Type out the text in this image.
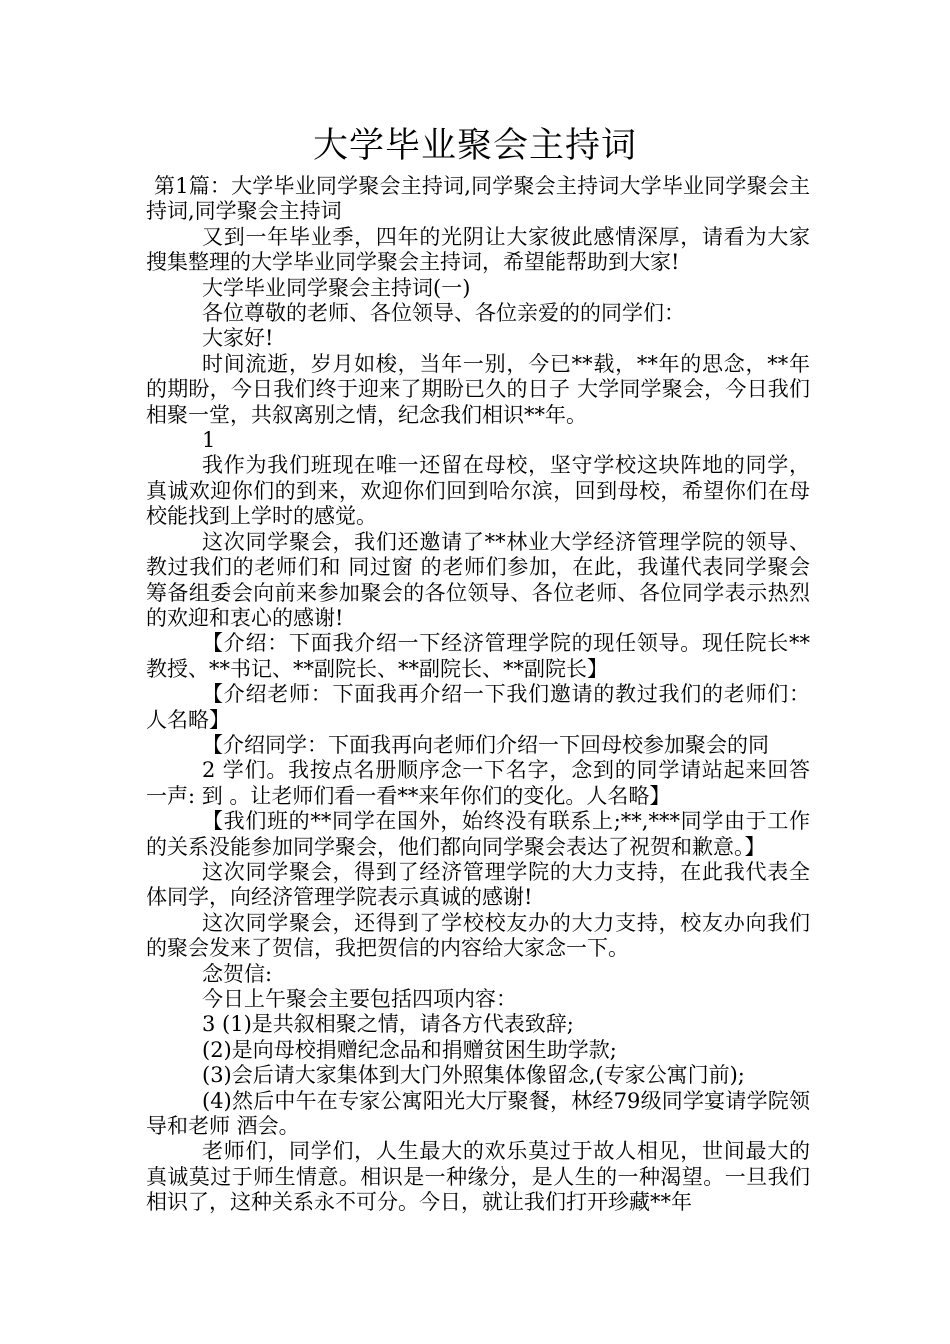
大学毕业聚会主持词

第1篇：大学毕业同学聚会主持词,同学聚会主持词大学毕业同学聚会主持词,同学聚会主持词

又到一年毕业季，四年的光阴让大家彼此感情深厚，请看为大家搜集整理的大学毕业同学聚会主持词，希望能帮助到大家!

大学毕业同学聚会主持词(一)

各位尊敬的老师、各位领导、各位亲爱的的同学们：

大家好!

时间流逝，岁月如梭，当年一别，今已**载，**年的思念，**年的期盼，今日我们终于迎来了期盼已久的日子 大学同学聚会，今日我们相聚一堂，共叙离别之情，纪念我们相识**年。

1

我作为我们班现在唯一还留在母校，坚守学校这块阵地的同学，真诚欢迎你们的到来，欢迎你们回到哈尔滨，回到母校，希望你们在母校能找到上学时的感觉。

这次同学聚会，我们还邀请了**林业大学经济管理学院的领导、教过我们的老师们和 同过窗 的老师们参加，在此，我谨代表同学聚会筹备组委会向前来参加聚会的各位领导、各位老师、各位同学表示热烈的欢迎和衷心的感谢!

【介绍：下面我介绍一下经济管理学院的现任领导。现任院长**教授、**书记、**副院长、**副院长、**副院长】

【介绍老师：下面我再介绍一下我们邀请的教过我们的老师们：人名略】

【介绍同学：下面我再向老师们介绍一下回母校参加聚会的同

2 学们。我按点名册顺序念一下名字，念到的同学请站起来回答一声: 到 。让老师们看一看**来年你们的变化。人名略】

【我们班的**同学在国外，始终没有联系上;**,***同学由于工作的关系没能参加同学聚会，他们都向同学聚会表达了祝贺和歉意。】

这次同学聚会，得到了经济管理学院的大力支持，在此我代表全体同学，向经济管理学院表示真诚的感谢!

这次同学聚会，还得到了学校校友办的大力支持，校友办向我们的聚会发来了贺信，我把贺信的内容给大家念一下。

念贺信:

今日上午聚会主要包括四项内容：

3 (1)是共叙相聚之情，请各方代表致辞;

(2)是向母校捐赠纪念品和捐赠贫困生助学款;

(3)会后请大家集体到大门外照集体像留念,(专家公寓门前);

(4)然后中午在专家公寓阳光大厅聚餐，林经79级同学宴请学院领导和老师 酒会。

老师们，同学们，人生最大的欢乐莫过于故人相见，世间最大的真诚莫过于师生情意。相识是一种缘分，是人生的一种渴望。一旦我们相识了，这种关系永不可分。今日，就让我们打开珍藏**年
